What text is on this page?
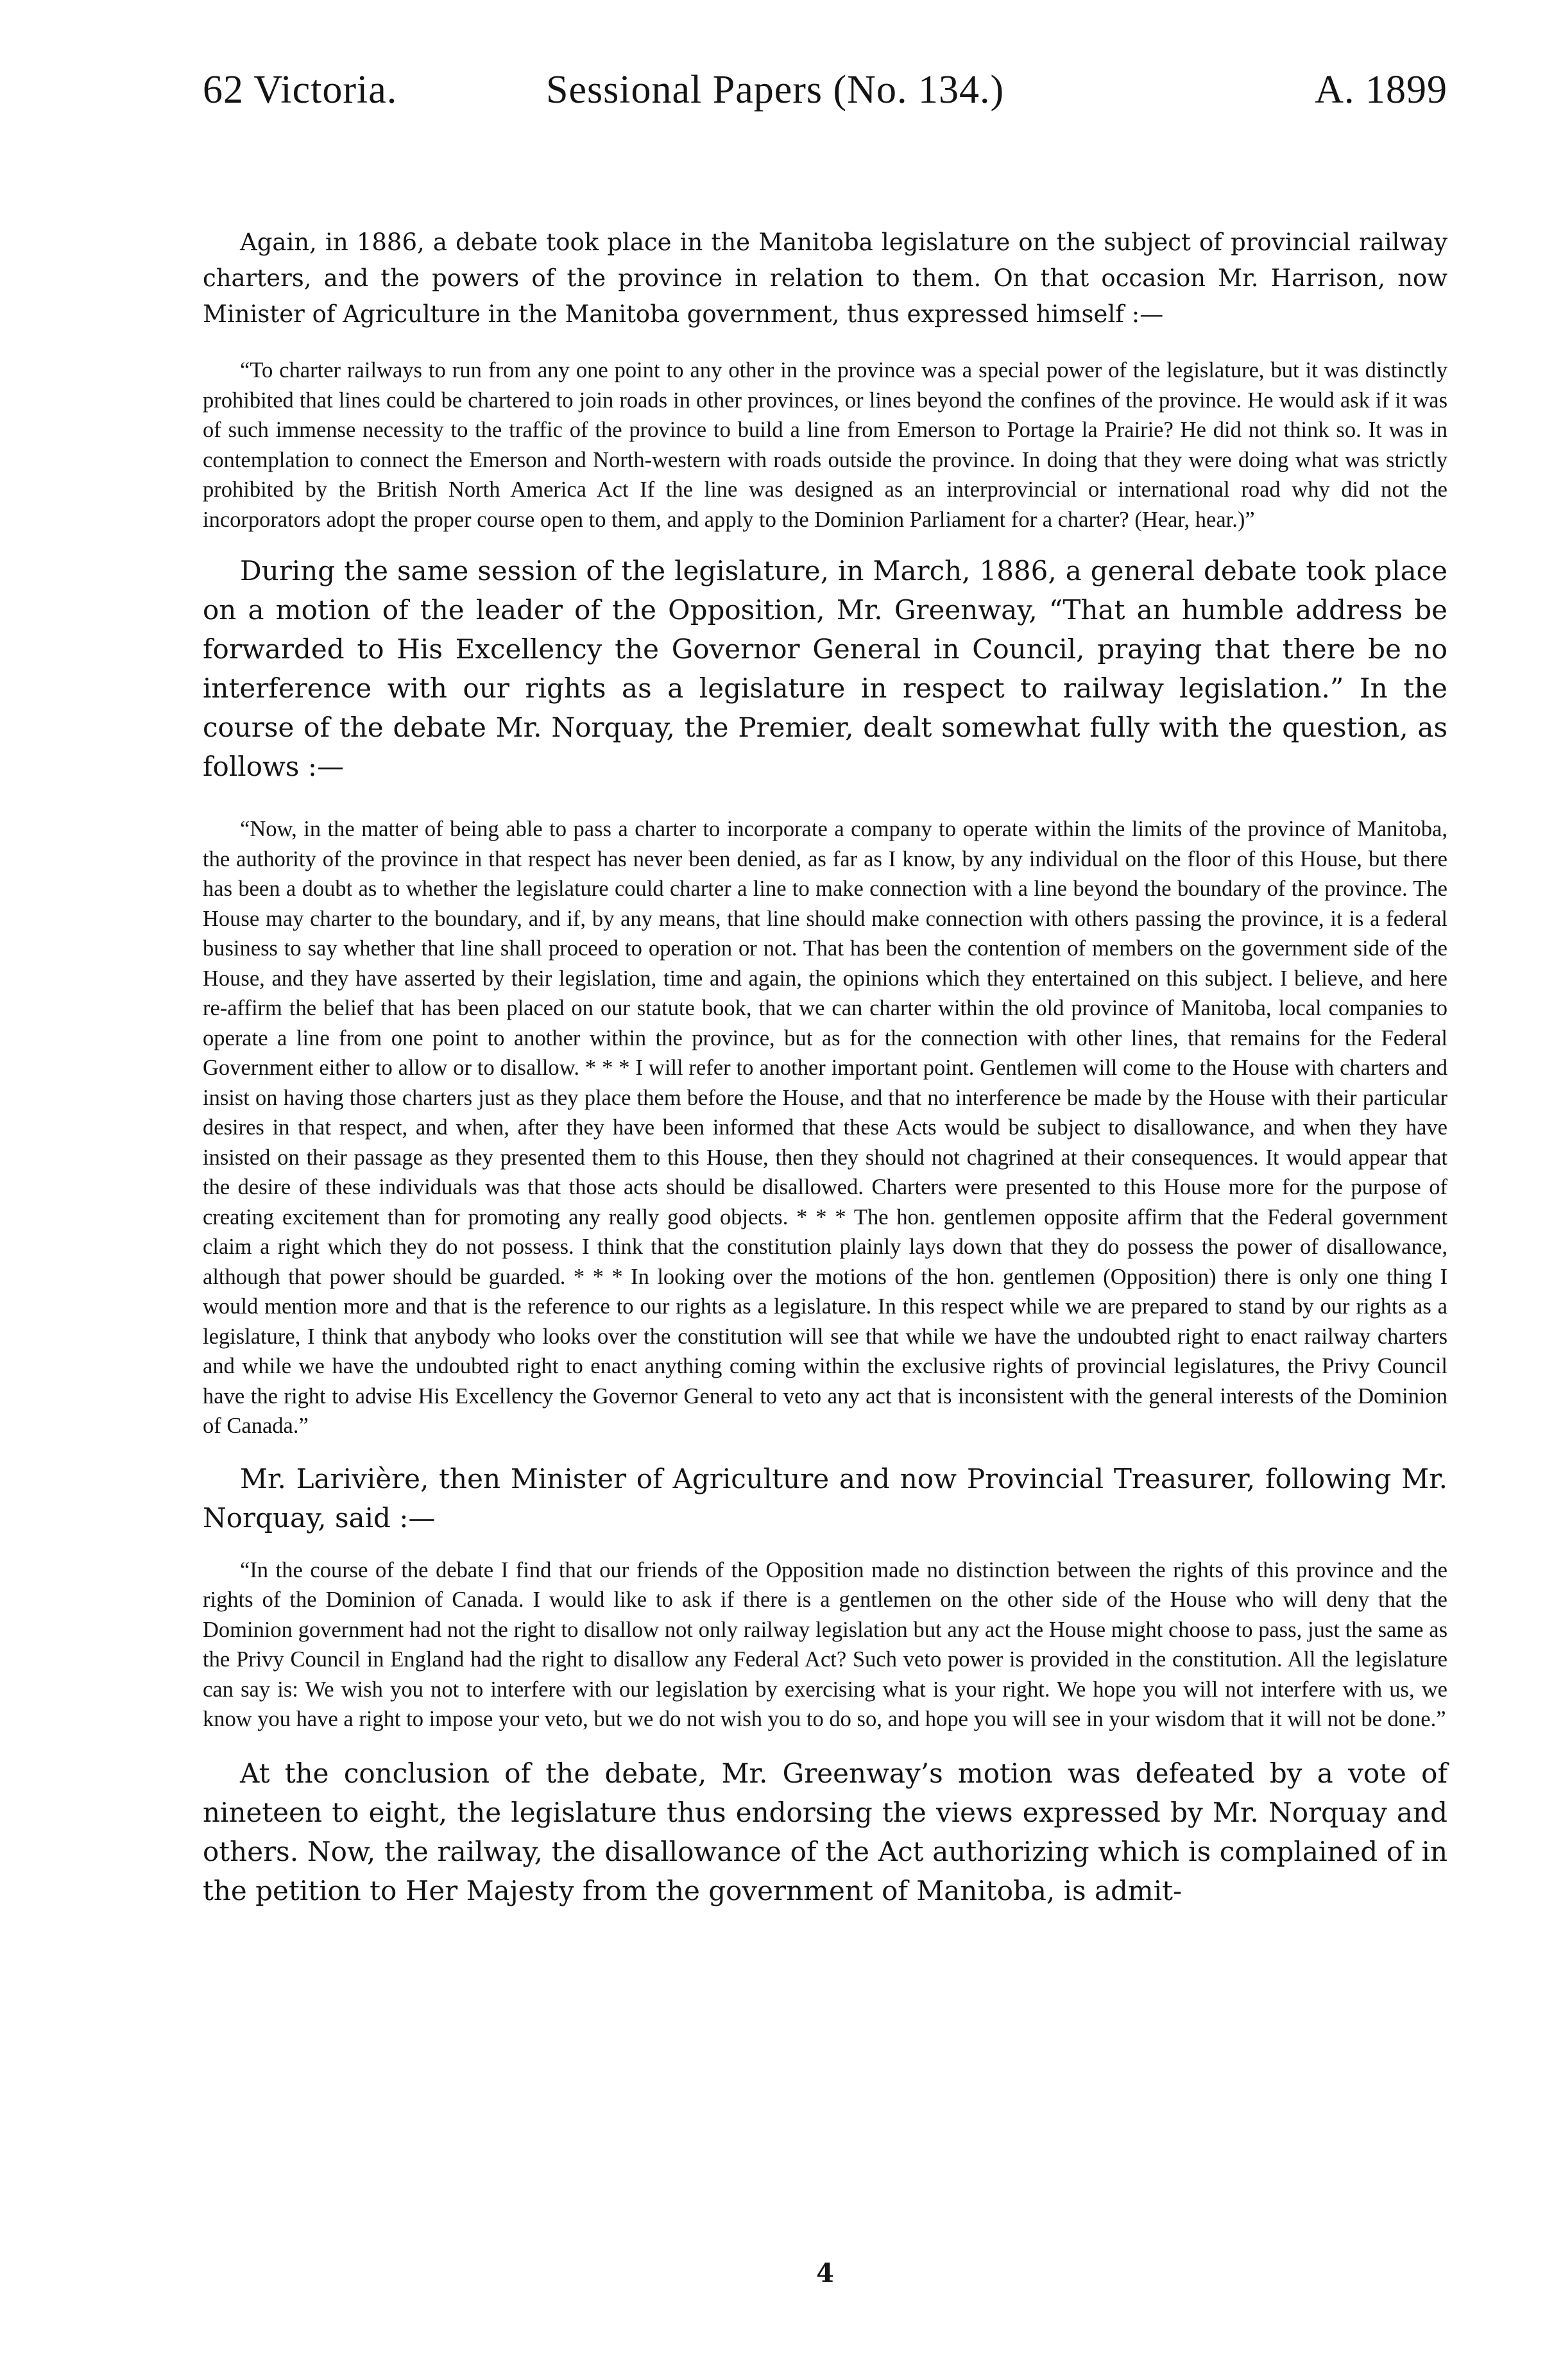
62 Victoria.	Sessional Papers (No. 134.)	A. 1899

Again, in 1886, a debate took place in the Manitoba legislature on the subject of provincial railway charters, and the powers of the province in relation to them. On that occasion Mr. Harrison, now Minister of Agriculture in the Manitoba government, thus expressed himself :—

“To charter railways to run from any one point to any other in the province was a special power of the legislature, but it was distinctly prohibited that lines could be chartered to join roads in other provinces, or lines beyond the confines of the province. He would ask if it was of such immense necessity to the traffic of the province to build a line from Emerson to Portage la Prairie? He did not think so. It was in contemplation to connect the Emerson and North-western with roads outside the province. In doing that they were doing what was strictly prohibited by the British North America Act If the line was designed as an interprovincial or international road why did not the incorporators adopt the proper course open to them, and apply to the Dominion Parliament for a charter? (Hear, hear.)”

During the same session of the legislature, in March, 1886, a general debate took place on a motion of the leader of the Opposition, Mr. Greenway, “That an humble address be forwarded to His Excellency the Governor General in Council, praying that there be no interference with our rights as a legislature in respect to railway legislation.” In the course of the debate Mr. Norquay, the Premier, dealt somewhat fully with the question, as follows :—

“Now, in the matter of being able to pass a charter to incorporate a company to operate within the limits of the province of Manitoba, the authority of the province in that respect has never been denied, as far as I know, by any individual on the floor of this House, but there has been a doubt as to whether the legislature could charter a line to make connection with a line beyond the boundary of the province. The House may charter to the boundary, and if, by any means, that line should make connection with others passing the province, it is a federal business to say whether that line shall proceed to operation or not. That has been the contention of members on the government side of the House, and they have asserted by their legislation, time and again, the opinions which they entertained on this subject. I believe, and here re-affirm the belief that has been placed on our statute book, that we can charter within the old province of Manitoba, local companies to operate a line from one point to another within the province, but as for the connection with other lines, that remains for the Federal Government either to allow or to disallow. * * * I will refer to another important point. Gentlemen will come to the House with charters and insist on having those charters just as they place them before the House, and that no interference be made by the House with their particular desires in that respect, and when, after they have been informed that these Acts would be subject to disallowance, and when they have insisted on their passage as they presented them to this House, then they should not chagrined at their consequences. It would appear that the desire of these individuals was that those acts should be disallowed. Charters were presented to this House more for the purpose of creating excitement than for promoting any really good objects. * * * The hon. gentlemen opposite affirm that the Federal government claim a right which they do not possess. I think that the constitution plainly lays down that they do possess the power of disallowance, although that power should be guarded. * * * In looking over the motions of the hon. gentlemen (Opposition) there is only one thing I would mention more and that is the reference to our rights as a legislature. In this respect while we are prepared to stand by our rights as a legislature, I think that anybody who looks over the constitution will see that while we have the undoubted right to enact railway charters and while we have the undoubted right to enact anything coming within the exclusive rights of provincial legislatures, the Privy Council have the right to advise His Excellency the Governor General to veto any act that is inconsistent with the general interests of the Dominion of Canada.”

Mr. Larivière, then Minister of Agriculture and now Provincial Treasurer, following Mr. Norquay, said :—

“In the course of the debate I find that our friends of the Opposition made no distinction between the rights of this province and the rights of the Dominion of Canada. I would like to ask if there is a gentlemen on the other side of the House who will deny that the Dominion government had not the right to disallow not only railway legislation but any act the House might choose to pass, just the same as the Privy Council in England had the right to disallow any Federal Act? Such veto power is provided in the constitution. All the legislature can say is: We wish you not to interfere with our legislation by exercising what is your right. We hope you will not interfere with us, we know you have a right to impose your veto, but we do not wish you to do so, and hope you will see in your wisdom that it will not be done.”

At the conclusion of the debate, Mr. Greenway’s motion was defeated by a vote of nineteen to eight, the legislature thus endorsing the views expressed by Mr. Norquay and others. Now, the railway, the disallowance of the Act authorizing which is complained of in the petition to Her Majesty from the government of Manitoba, is admit-

4
